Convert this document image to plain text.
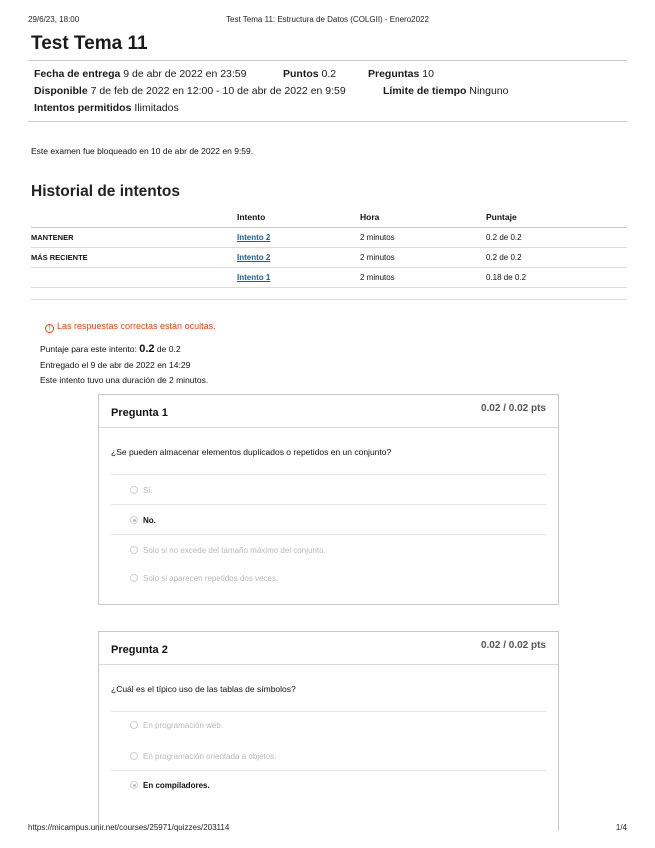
29/6/23, 18:00	Test Tema 11: Estructura de Datos (COLGII) - Enero2022
Test Tema 11
Fecha de entrega 9 de abr de 2022 en 23:59	Puntos 0.2	Preguntas 10
Disponible 7 de feb de 2022 en 12:00 - 10 de abr de 2022 en 9:59	Límite de tiempo Ninguno
Intentos permitidos Ilimitados
Este examen fue bloqueado en 10 de abr de 2022 en 9:59.
Historial de intentos
	Intento	Hora	Puntaje
MANTENER	Intento 2	2 minutos	0.2 de 0.2
MÁS RECIENTE	Intento 2	2 minutos	0.2 de 0.2
	Intento 1	2 minutos	0.18 de 0.2
! Las respuestas correctas están ocultas.
Puntaje para este intento: 0.2 de 0.2
Entregado el 9 de abr de 2022 en 14:29
Este intento tuvo una duración de 2 minutos.
Pregunta 1	0.02 / 0.02 pts
¿Se pueden almacenar elementos duplicados o repetidos en un conjunto?
Sí.
No.
Solo si no excede del tamaño máximo del conjunto.
Solo si aparecen repetidos dos veces.
Pregunta 2	0.02 / 0.02 pts
¿Cuál es el típico uso de las tablas de símbolos?
En programación web.
En programación orientada a objetos.
En compiladores.
https://micampus.unir.net/courses/25971/quizzes/203114	1/4
